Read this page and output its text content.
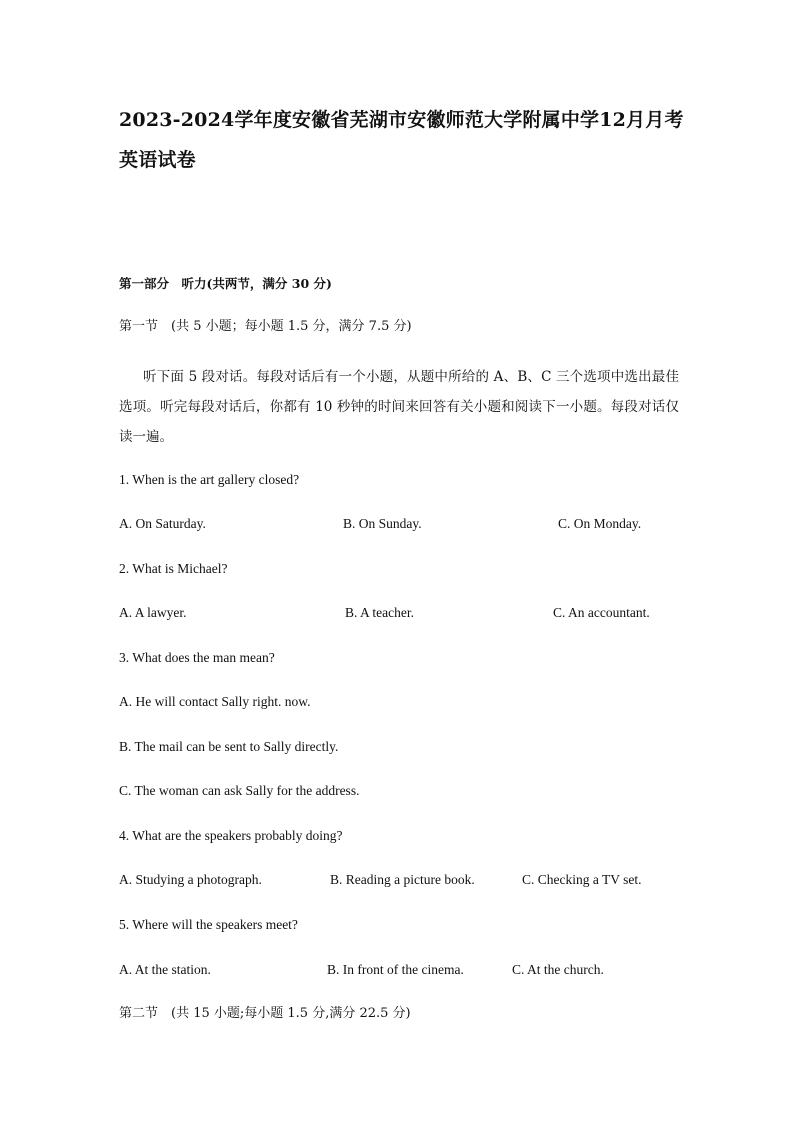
2023-2024学年度安徽省芜湖市安徽师范大学附属中学12月月考英语试卷
第一部分　听力(共两节，满分 30 分)
第一节　(共 5 小题；每小题 1.5 分，满分 7.5 分)
听下面 5 段对话。每段对话后有一个小题，从题中所给的 A、B、C 三个选项中选出最佳选项。听完每段对话后，你都有 10 秒钟的时间来回答有关小题和阅读下一小题。每段对话仅读一遍。
1. When is the art gallery closed?
A. On Saturday.	B. On Sunday.	C. On Monday.
2. What is Michael?
A. A lawyer.	B. A teacher.	C. An accountant.
3. What does the man mean?
A. He will contact Sally right. now.
B. The mail can be sent to Sally directly.
C. The woman can ask Sally for the address.
4. What are the speakers probably doing?
A. Studying a photograph.	B. Reading a picture book.	C. Checking a TV set.
5. Where will the speakers meet?
A. At the station.	B. In front of the cinema.	C. At the church.
第二节　(共 15 小题;每小题 1.5 分,满分 22.5 分)
